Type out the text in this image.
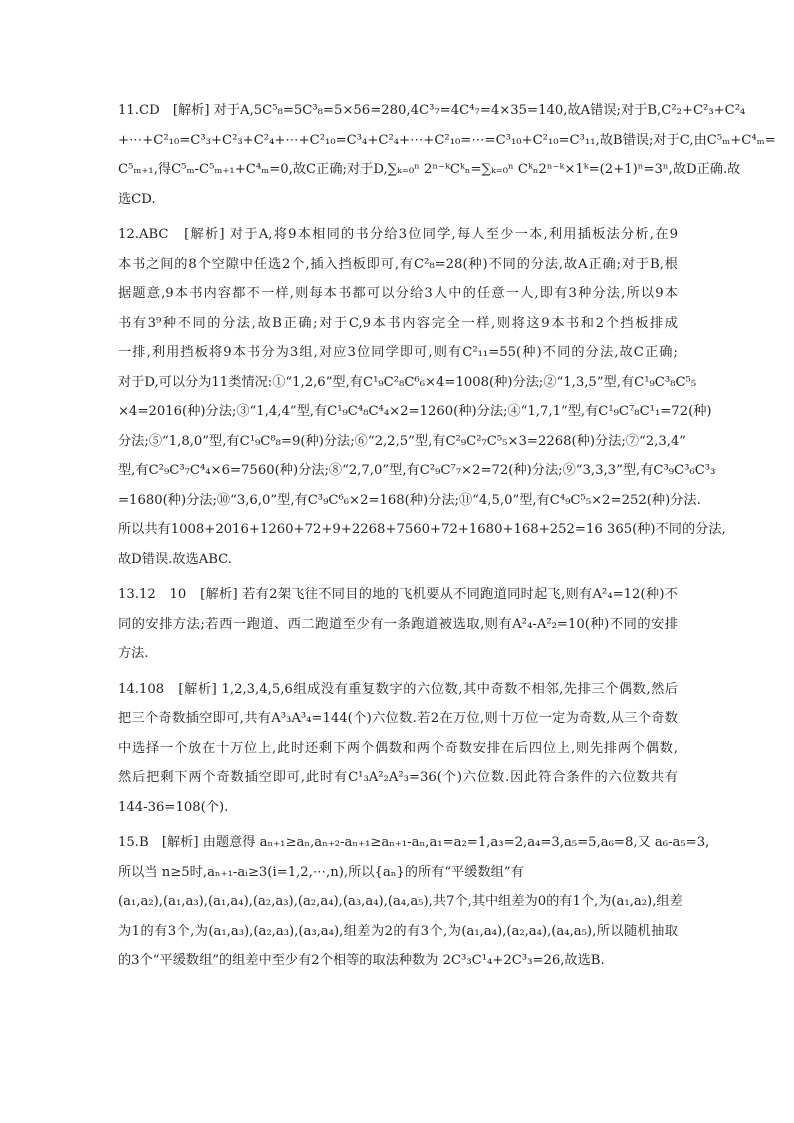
11.CD　[解析] 对于A,5C⁵₈=5C³₈=5×56=280,4C³₇=4C⁴₇=4×35=140,故A错误;对于B,C²₂+C²₃+C²₄
+⋯+C²₁₀=C³₃+C²₃+C²₄+⋯+C²₁₀=C³₄+C²₄+⋯+C²₁₀=⋯=C³₁₀+C²₁₀=C³₁₁,故B错误;对于C,由C⁵ₘ+C⁴ₘ=
C⁵ₘ₊₁,得C⁵ₘ-C⁵ₘ₊₁+C⁴ₘ=0,故C正确;对于D,∑ₖ₌₀ⁿ 2ⁿ⁻ᵏCᵏₙ=∑ₖ₌₀ⁿ Cᵏₙ2ⁿ⁻ᵏ×1ᵏ=(2+1)ⁿ=3ⁿ,故D正确.故
选CD.
12.ABC　[解析] 对于A,将9本相同的书分给3位同学,每人至少一本,利用插板法分析,在9
本书之间的8个空隙中任选2个,插入挡板即可,有C²₈=28(种)不同的分法,故A正确;对于B,根
据题意,9本书内容都不一样,则每本书都可以分给3人中的任意一人,即有3种分法,所以9本
书有3⁹种不同的分法,故B正确;对于C,9本书内容完全一样,则将这9本书和2个挡板排成
一排,利用挡板将9本书分为3组,对应3位同学即可,则有C²₁₁=55(种)不同的分法,故C正确;
对于D,可以分为11类情况:①“1,2,6”型,有C¹₉C²₈C⁶₆×4=1008(种)分法;②“1,3,5”型,有C¹₉C³₈C⁵₅
×4=2016(种)分法;③“1,4,4”型,有C¹₉C⁴₈C⁴₄×2=1260(种)分法;④“1,7,1”型,有C¹₉C⁷₈C¹₁=72(种)
分法;⑤“1,8,0”型,有C¹₉C⁸₈=9(种)分法;⑥“2,2,5”型,有C²₉C²₇C⁵₅×3=2268(种)分法;⑦“2,3,4”
型,有C²₉C³₇C⁴₄×6=7560(种)分法;⑧“2,7,0”型,有C²₉C⁷₇×2=72(种)分法;⑨“3,3,3”型,有C³₉C³₆C³₃
=1680(种)分法;⑩“3,6,0”型,有C³₉C⁶₆×2=168(种)分法;⑪“4,5,0”型,有C⁴₉C⁵₅×2=252(种)分法.
所以共有1008+2016+1260+72+9+2268+7560+72+1680+168+252=16 365(种)不同的分法,
故D错误.故选ABC.
13.12　10　[解析] 若有2架飞往不同目的地的飞机要从不同跑道同时起飞,则有A²₄=12(种)不
同的安排方法;若西一跑道、西二跑道至少有一条跑道被选取,则有A²₄-A²₂=10(种)不同的安排
方法.
14.108　[解析] 1,2,3,4,5,6组成没有重复数字的六位数,其中奇数不相邻,先排三个偶数,然后
把三个奇数插空即可,共有A³₃A³₄=144(个)六位数.若2在万位,则十万位一定为奇数,从三个奇数
中选择一个放在十万位上,此时还剩下两个偶数和两个奇数安排在后四位上,则先排两个偶数,
然后把剩下两个奇数插空即可,此时有C¹₃A²₂A²₃=36(个)六位数.因此符合条件的六位数共有
144-36=108(个).
15.B　[解析] 由题意得 aₙ₊₁≥aₙ,aₙ₊₂-aₙ₊₁≥aₙ₊₁-aₙ,a₁=a₂=1,a₃=2,a₄=3,a₅=5,a₆=8,又 a₆-a₅=3,
所以当 n≥5时,aₙ₊₁-aᵢ≥3(i=1,2,⋯,n),所以{aₙ}的所有“平缓数组”有
(a₁,a₂),(a₁,a₃),(a₁,a₄),(a₂,a₃),(a₂,a₄),(a₃,a₄),(a₄,a₅),共7个,其中组差为0的有1个,为(a₁,a₂),组差
为1的有3个,为(a₁,a₃),(a₂,a₃),(a₃,a₄),组差为2的有3个,为(a₁,a₄),(a₂,a₄),(a₄,a₅),所以随机抽取
的3个“平缓数组”的组差中至少有2个相等的取法种数为 2C³₃C¹₄+2C³₃=26,故选B.
